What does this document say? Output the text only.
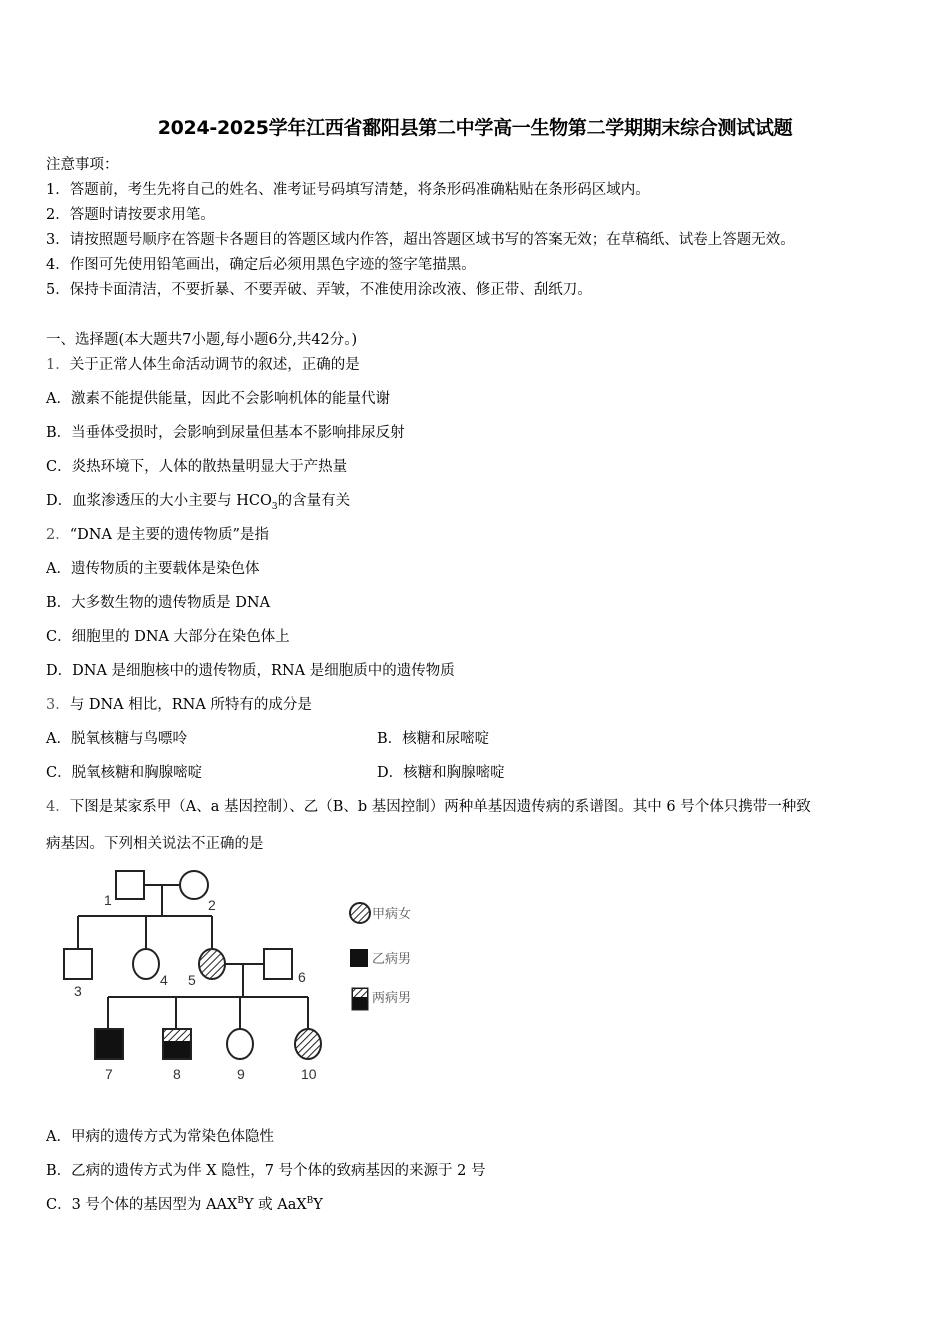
2024-2025学年江西省鄱阳县第二中学高一生物第二学期期末综合测试试题
注意事项：
1．答题前，考生先将自己的姓名、准考证号码填写清楚，将条形码准确粘贴在条形码区域内。
2．答题时请按要求用笔。
3．请按照题号顺序在答题卡各题目的答题区域内作答，超出答题区域书写的答案无效；在草稿纸、试卷上答题无效。
4．作图可先使用铅笔画出，确定后必须用黑色字迹的签字笔描黑。
5．保持卡面清洁，不要折暴、不要弄破、弄皱，不准使用涂改液、修正带、刮纸刀。
一、选择题(本大题共7小题,每小题6分,共42分。)
1．关于正常人体生命活动调节的叙述，正确的是
A．激素不能提供能量，因此不会影响机体的能量代谢
B．当垂体受损时，会影响到尿量但基本不影响排尿反射
C．炎热环境下，人体的散热量明显大于产热量
D．血浆渗透压的大小主要与 $HCO_3$的含量有关
2．“DNA 是主要的遗传物质”是指
A．遗传物质的主要载体是染色体
B．大多数生物的遗传物质是 DNA
C．细胞里的 DNA 大部分在染色体上
D．DNA 是细胞核中的遗传物质，RNA 是细胞质中的遗传物质
3．与 DNA 相比，RNA 所特有的成分是
A．脱氧核糖与鸟嘌呤	B．核糖和尿嘧啶
C．脱氧核糖和胸腺嘧啶	D．核糖和胸腺嘧啶
4．下图是某家系甲（A、a 基因控制）、乙（B、b 基因控制）两种单基因遗传病的系谱图。其中 6 号个体只携带一种致
病基因。下列相关说法不正确的是
1	2
3
4 5	6
7	8	9	10
甲病女
乙病男
两病男
A．甲病的遗传方式为常染色体隐性
B．乙病的遗传方式为伴 X 隐性，7 号个体的致病基因的来源于 2 号
C．3 号个体的基因型为 $AAX^BY$ 或 AaX$^B$Y
